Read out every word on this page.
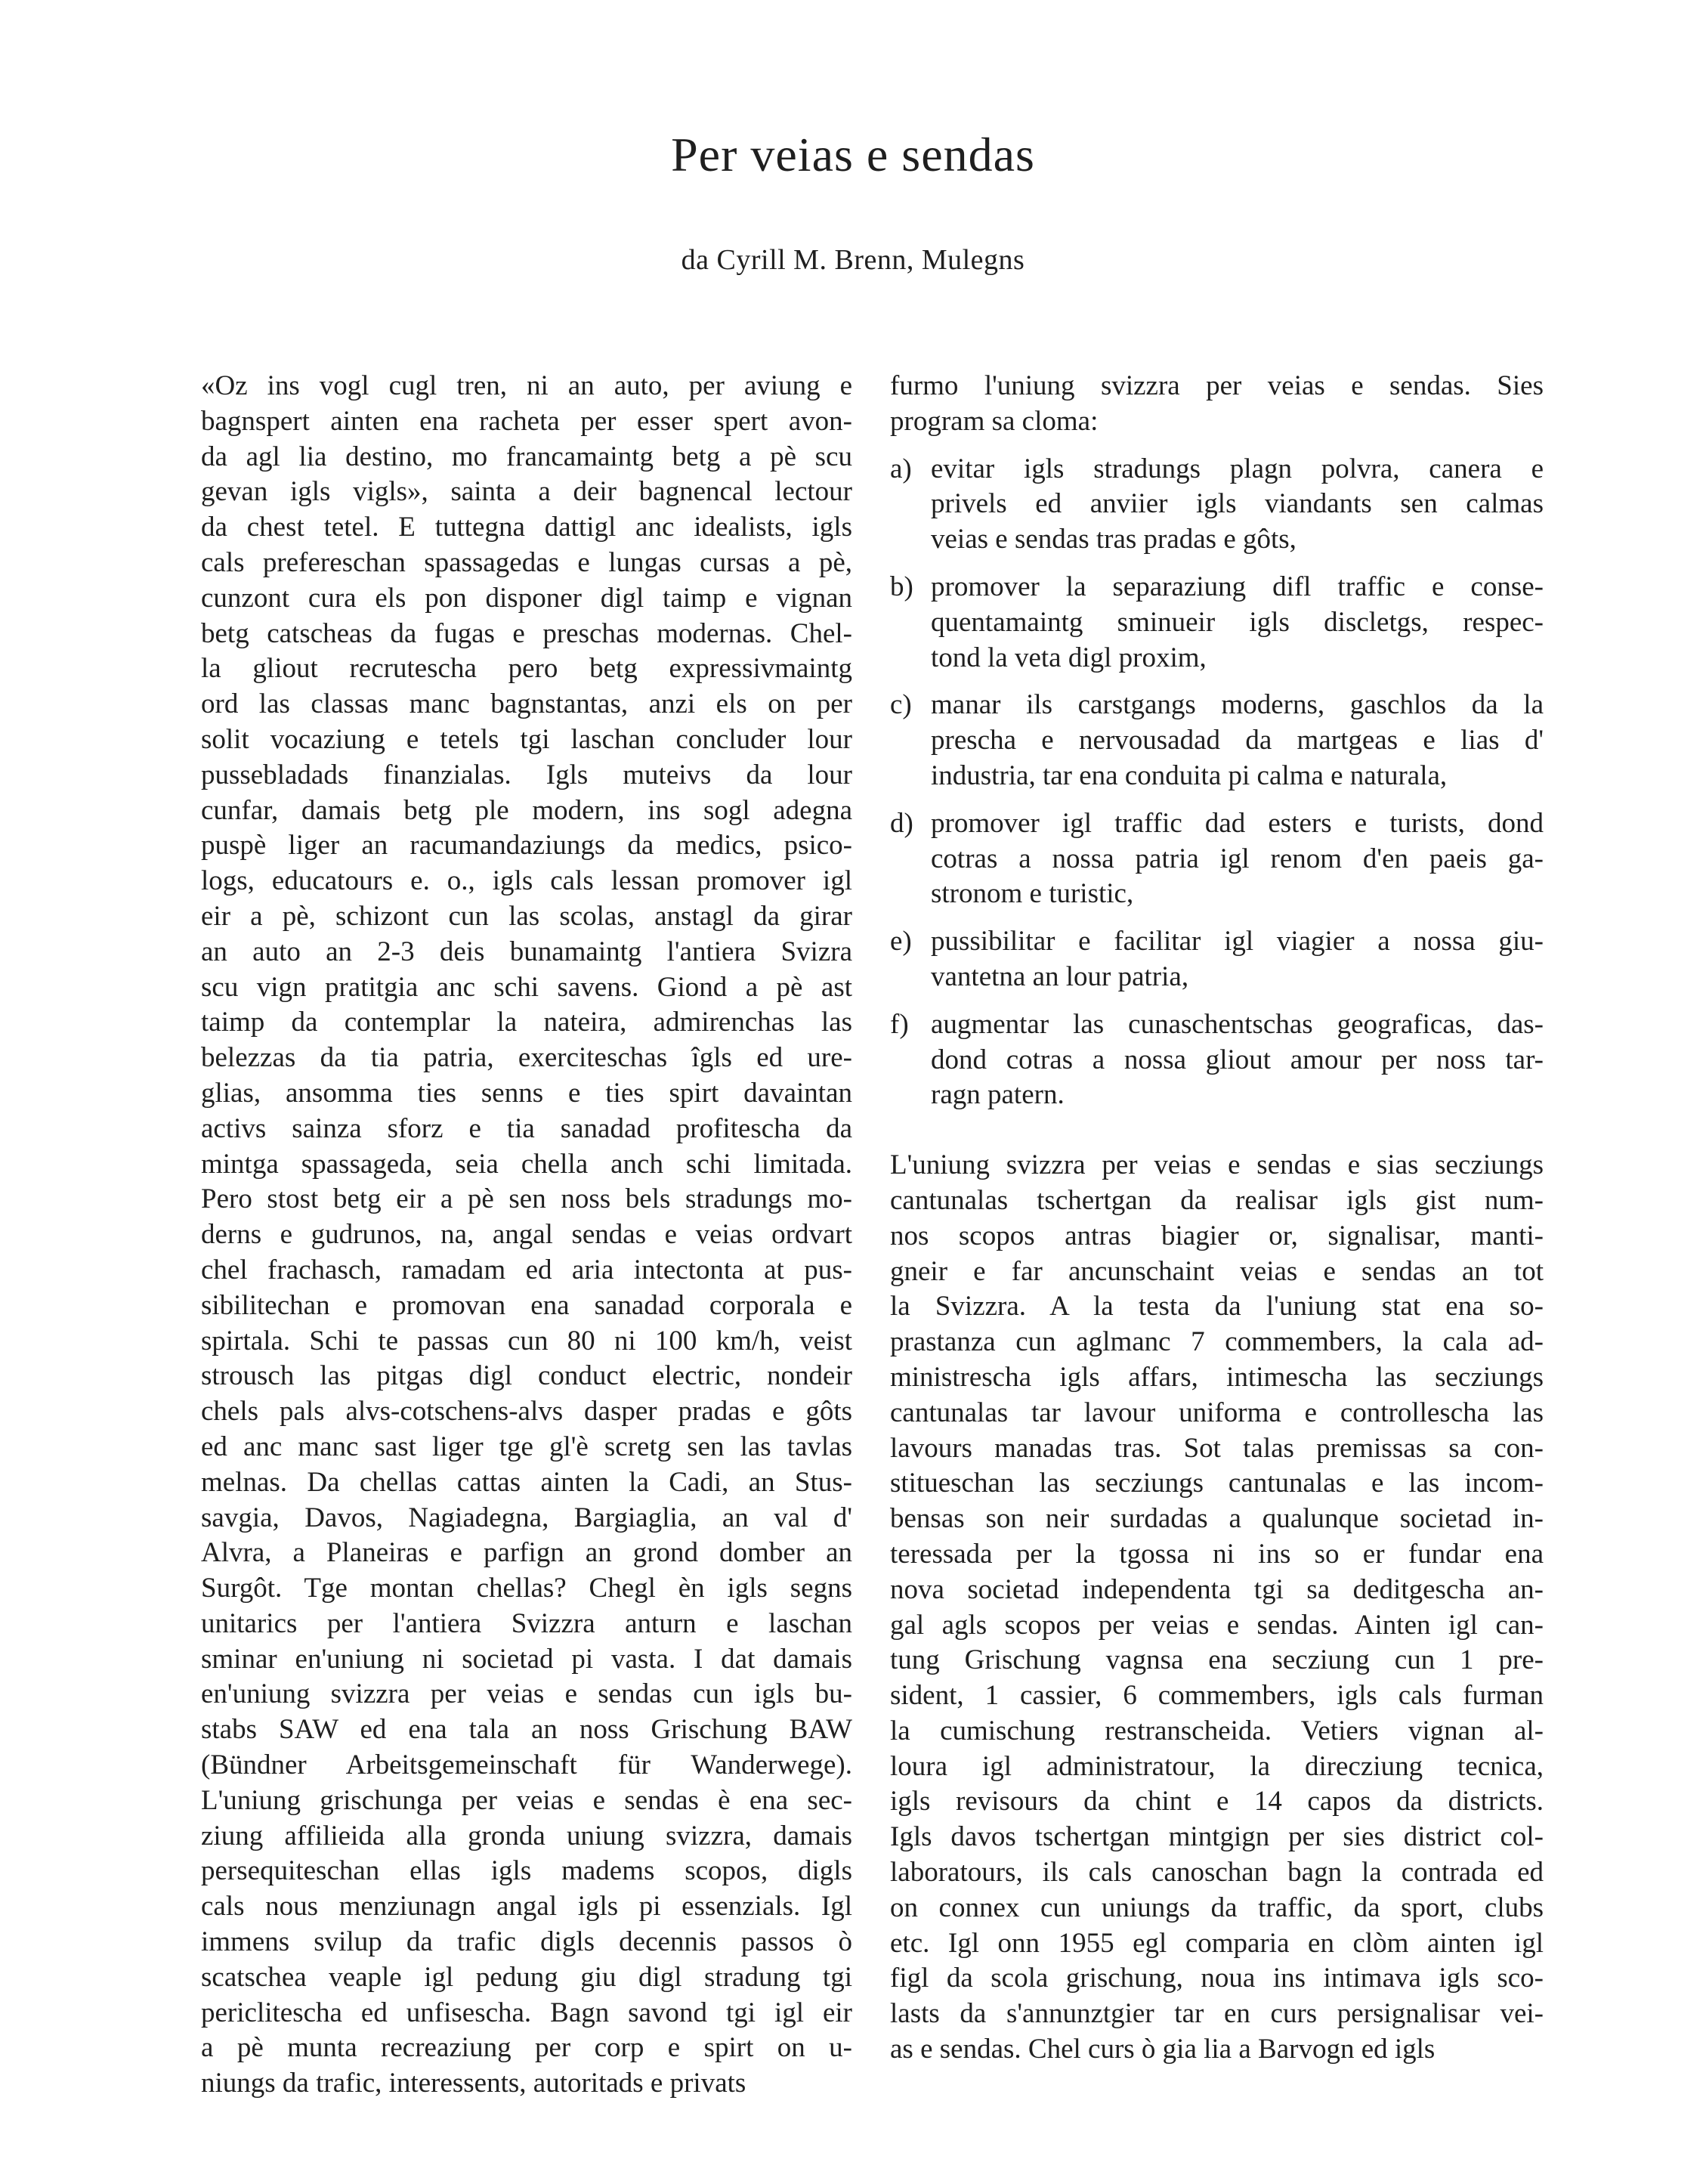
Per veias e sendas

da Cyrill M. Brenn, Mulegns

«Oz ins vogl cugl tren, ni an auto, per aviung e
bagnspert ainten ena racheta per esser spert avon-
da agl lia destino, mo francamaintg betg a pè scu
gevan igls vigls», sainta a deir bagnencal lectour
da chest tetel. E tuttegna dattigl anc idealists, igls
cals prefereschan spassagedas e lungas cursas a pè,
cunzont cura els pon disponer digl taimp e vignan
betg catscheas da fugas e preschas modernas. Chel-
la gliout recrutescha pero betg expressivmaintg
ord las classas manc bagnstantas, anzi els on per
solit vocaziung e tetels tgi laschan concluder lour
pussebladads finanzialas. Igls muteivs da lour
cunfar, damais betg ple modern, ins sogl adegna
puspè liger an racumandaziungs da medics, psico-
logs, educatours e. o., igls cals lessan promover igl
eir a pè, schizont cun las scolas, anstagl da girar
an auto an 2-3 deis bunamaintg l'antiera Svizra
scu vign pratitgia anc schi savens. Giond a pè ast
taimp da contemplar la nateira, admirenchas las
belezzas da tia patria, exerciteschas îgls ed ure-
glias, ansomma ties senns e ties spirt davaintan
activs sainza sforz e tia sanadad profitescha da
mintga spassageda, seia chella anch schi limitada.
Pero stost betg eir a pè sen noss bels stradungs mo-
derns e gudrunos, na, angal sendas e veias ordvart
chel frachasch, ramadam ed aria intectonta at pus-
sibilitechan e promovan ena sanadad corporala e
spirtala. Schi te passas cun 80 ni 100 km/h, veist
strousch las pitgas digl conduct electric, nondeir
chels pals alvs-cotschens-alvs dasper pradas e gôts
ed anc manc sast liger tge gl'è scretg sen las tavlas
melnas. Da chellas cattas ainten la Cadi, an Stus-
savgia, Davos, Nagiadegna, Bargiaglia, an val d'
Alvra, a Planeiras e parfign an grond domber an
Surgôt. Tge montan chellas? Chegl èn igls segns
unitarics per l'antiera Svizzra anturn e laschan
sminar en'uniung ni societad pi vasta. I dat damais
en'uniung svizzra per veias e sendas cun igls bu-
stabs SAW ed ena tala an noss Grischung BAW
(Bündner Arbeitsgemeinschaft für Wanderwege).
L'uniung grischunga per veias e sendas è ena sec-
ziung affilieida alla gronda uniung svizzra, damais
persequiteschan ellas igls madems scopos, digls
cals nous menziunagn angal igls pi essenzials. Igl
immens svilup da trafic digls decennis passos ò
scatschea veaple igl pedung giu digl stradung tgi
periclitescha ed unfisescha. Bagn savond tgi igl eir
a pè munta recreaziung per corp e spirt on u-
niungs da trafic, interessents, autoritads e privats
furmo l'uniung svizzra per veias e sendas. Sies
program sa cloma:
a) evitar igls stradungs plagn polvra, canera e
privels ed anviier igls viandants sen calmas
veias e sendas tras pradas e gôts,
b) promover la separaziung difl traffic e conse-
quentamaintg sminueir igls discletgs, respec-
tond la veta digl proxim,
c) manar ils carstgangs moderns, gaschlos da la
prescha e nervousadad da martgeas e lias d'
industria, tar ena conduita pi calma e naturala,
d) promover igl traffic dad esters e turists, dond
cotras a nossa patria igl renom d'en paeis ga-
stronom e turistic,
e) pussibilitar e facilitar igl viagier a nossa giu-
vantetna an lour patria,
f) augmentar las cunaschentschas geograficas, das-
dond cotras a nossa gliout amour per noss tar-
ragn patern.
L'uniung svizzra per veias e sendas e sias secziungs
cantunalas tschertgan da realisar igls gist num-
nos scopos antras biagier or, signalisar, manti-
gneir e far ancunschaint veias e sendas an tot
la Svizzra. A la testa da l'uniung stat ena so-
prastanza cun aglmanc 7 commembers, la cala ad-
ministrescha igls affars, intimescha las secziungs
cantunalas tar lavour uniforma e controllescha las
lavours manadas tras. Sot talas premissas sa con-
stitueschan las secziungs cantunalas e las incom-
bensas son neir surdadas a qualunque societad in-
teressada per la tgossa ni ins so er fundar ena
nova societad independenta tgi sa deditgescha an-
gal agls scopos per veias e sendas. Ainten igl can-
tung Grischung vagnsa ena secziung cun 1 pre-
sident, 1 cassier, 6 commembers, igls cals furman
la cumischung restranscheida. Vetiers vignan al-
loura igl administratour, la direcziung tecnica,
igls revisours da chint e 14 capos da districts.
Igls davos tschertgan mintgign per sies district col-
laboratours, ils cals canoschan bagn la contrada ed
on connex cun uniungs da traffic, da sport, clubs
etc. Igl onn 1955 egl comparia en clòm ainten igl
figl da scola grischung, noua ins intimava igls sco-
lasts da s'annunztgier tar en curs persignalisar vei-
as e sendas. Chel curs ò gia lia a Barvogn ed igls
